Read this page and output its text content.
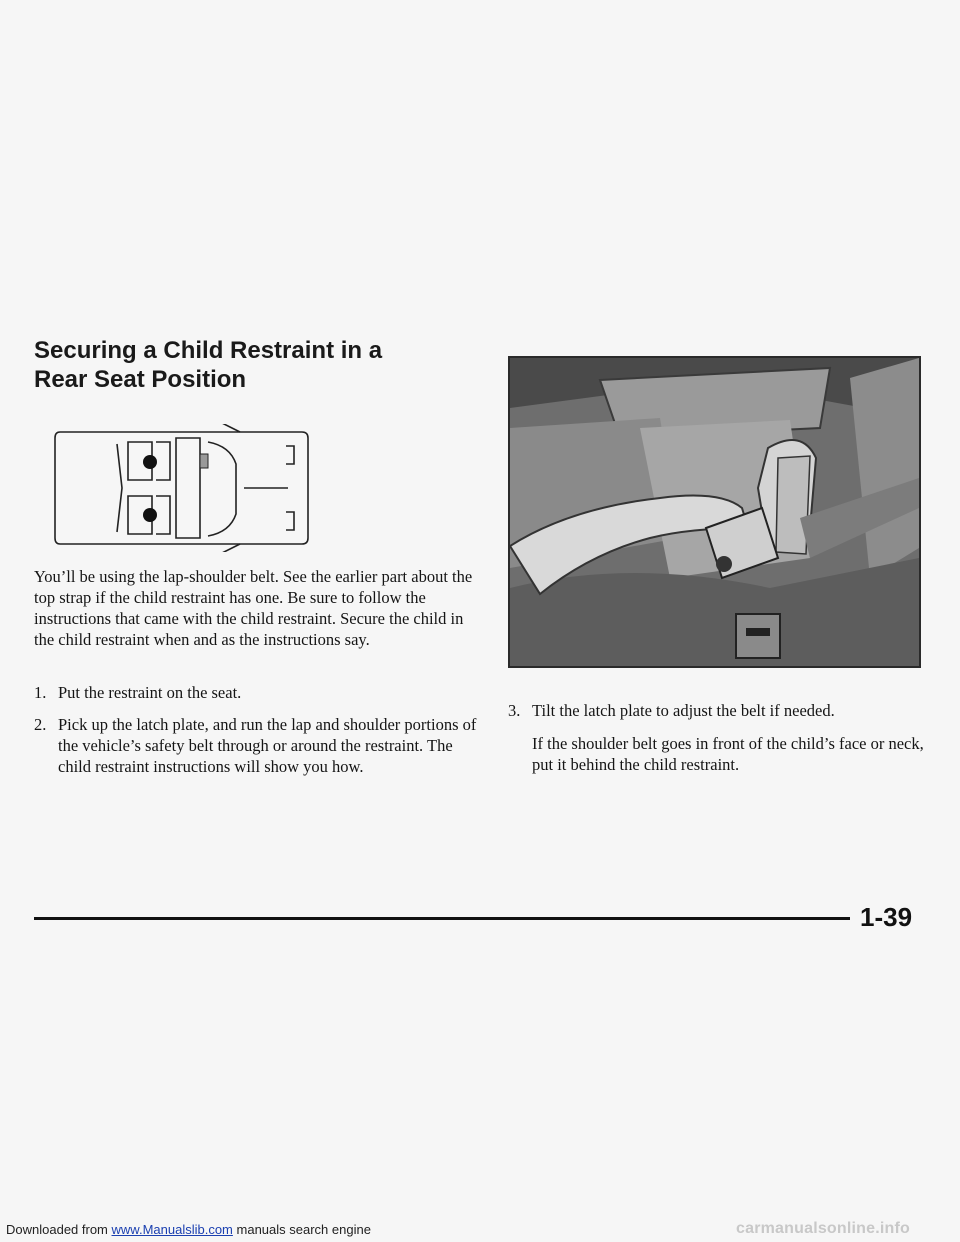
Securing a Child Restraint in a
Rear Seat Position

You’ll be using the lap-shoulder belt. See the earlier part about the top strap if the child restraint has one. Be sure to follow the instructions that came with the child restraint. Secure the child in the child restraint when and as the instructions say.

1. Put the restraint on the seat.
2. Pick up the latch plate, and run the lap and shoulder portions of the vehicle’s safety belt through or around the restraint. The child restraint instructions will show you how.
3. Tilt the latch plate to adjust the belt if needed.

If the shoulder belt goes in front of the child’s face or neck, put it behind the child restraint.

1-39
Downloaded from www.Manualslib.com manuals search engine	carmanualsonline.info
